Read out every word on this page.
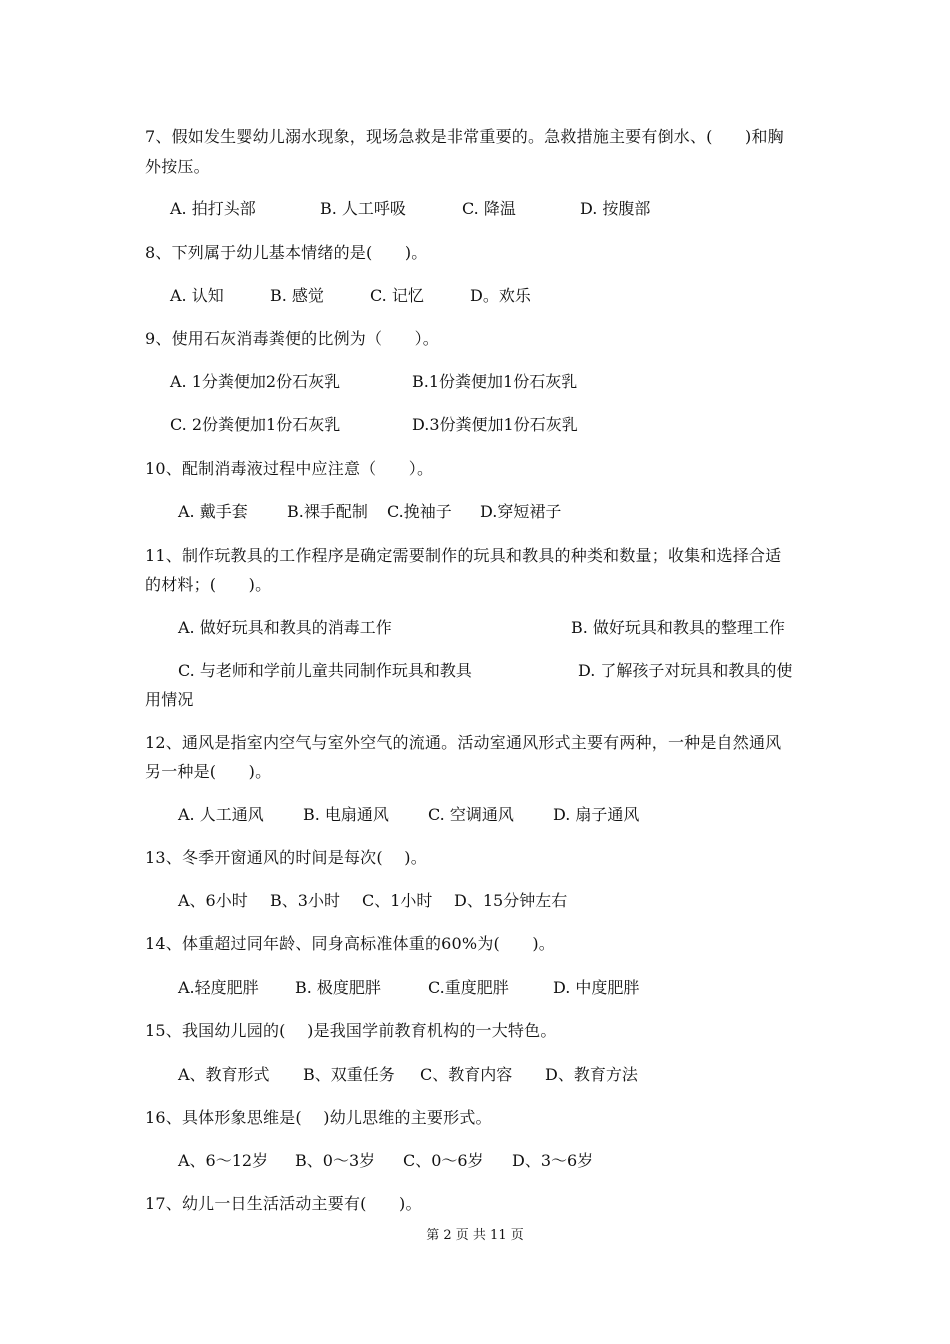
7、假如发生婴幼儿溺水现象，现场急救是非常重要的。急救措施主要有倒水、(　　)和胸
外按压。
A. 拍打头部	B. 人工呼吸	C. 降温	D. 按腹部
8、下列属于幼儿基本情绪的是(　　)。
A. 认知	B. 感觉	C. 记忆	D。欢乐
9、使用石灰消毒粪便的比例为（　　）。
A. 1分粪便加2份石灰乳	B.1份粪便加1份石灰乳
C. 2份粪便加1份石灰乳	D.3份粪便加1份石灰乳
10、配制消毒液过程中应注意（　　）。
A. 戴手套 B.裸手配制 C.挽袖子 D.穿短裙子
11、制作玩教具的工作程序是确定需要制作的玩具和教具的种类和数量；收集和选择合适
的材料；(　　)。
A. 做好玩具和教具的消毒工作	B. 做好玩具和教具的整理工作
C. 与老师和学前儿童共同制作玩具和教具	D. 了解孩子对玩具和教具的使
用情况
12、通风是指室内空气与室外空气的流通。活动室通风形式主要有两种，一种是自然通风
另一种是(　　)。
A. 人工通风 B. 电扇通风 C. 空调通风 D. 扇子通风
13、冬季开窗通风的时间是每次(　 )。
A、6小时 B、3小时 C、1小时 D、15分钟左右
14、体重超过同年龄、同身高标准体重的60%为(　　)。
A.轻度肥胖 B. 极度肥胖	C.重度肥胖	D. 中度肥胖
15、我国幼儿园的(　 )是我国学前教育机构的一大特色。
A、教育形式 B、双重任务 C、教育内容 D、教育方法
16、具体形象思维是(　 )幼儿思维的主要形式。
A、6～12岁 B、0～3岁 C、0～6岁 D、3～6岁
17、幼儿一日生活活动主要有(　　)。
第 2 页 共 11 页
